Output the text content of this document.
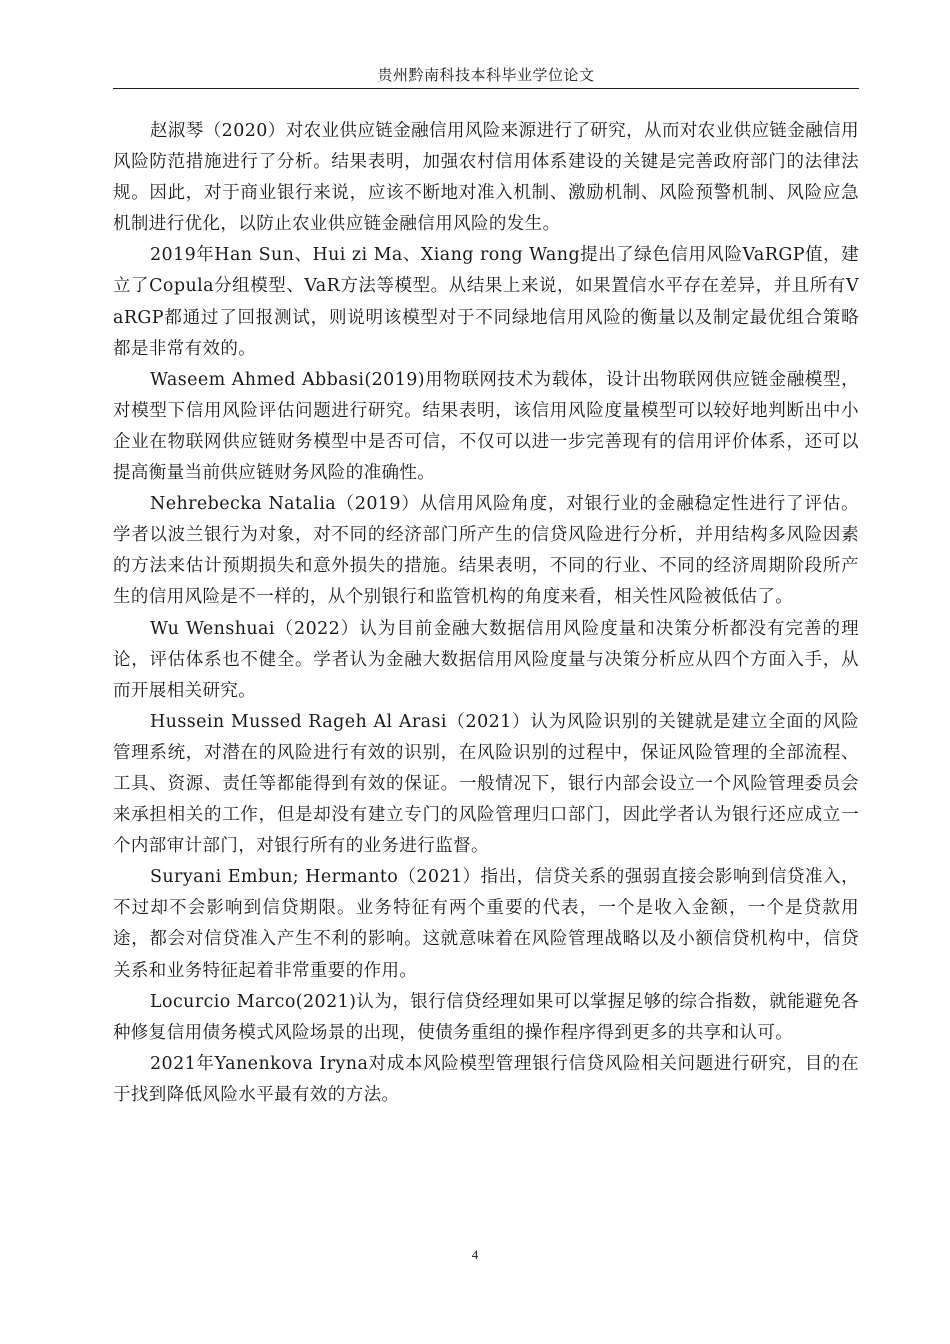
贵州黔南科技本科毕业学位论文

赵淑琴（2020）对农业供应链金融信用风险来源进行了研究，从而对农业供应链金融信用风险防范措施进行了分析。结果表明，加强农村信用体系建设的关键是完善政府部门的法律法规。因此，对于商业银行来说，应该不断地对准入机制、激励机制、风险预警机制、风险应急机制进行优化，以防止农业供应链金融信用风险的发生。

2019年Han Sun、Hui zi Ma、Xiang rong Wang提出了绿色信用风险VaRGP值，建立了Copula分组模型、VaR方法等模型。从结果上来说，如果置信水平存在差异，并且所有VaRGP都通过了回报测试，则说明该模型对于不同绿地信用风险的衡量以及制定最优组合策略都是非常有效的。

Waseem Ahmed Abbasi(2019)用物联网技术为载体，设计出物联网供应链金融模型，对模型下信用风险评估问题进行研究。结果表明，该信用风险度量模型可以较好地判断出中小企业在物联网供应链财务模型中是否可信，不仅可以进一步完善现有的信用评价体系，还可以提高衡量当前供应链财务风险的准确性。

Nehrebecka Natalia（2019）从信用风险角度，对银行业的金融稳定性进行了评估。学者以波兰银行为对象，对不同的经济部门所产生的信贷风险进行分析，并用结构多风险因素的方法来估计预期损失和意外损失的措施。结果表明，不同的行业、不同的经济周期阶段所产生的信用风险是不一样的，从个别银行和监管机构的角度来看，相关性风险被低估了。

Wu Wenshuai（2022）认为目前金融大数据信用风险度量和决策分析都没有完善的理论，评估体系也不健全。学者认为金融大数据信用风险度量与决策分析应从四个方面入手，从而开展相关研究。

Hussein Mussed Rageh Al Arasi（2021）认为风险识别的关键就是建立全面的风险管理系统，对潜在的风险进行有效的识别，在风险识别的过程中，保证风险管理的全部流程、工具、资源、责任等都能得到有效的保证。一般情况下，银行内部会设立一个风险管理委员会来承担相关的工作，但是却没有建立专门的风险管理归口部门，因此学者认为银行还应成立一个内部审计部门，对银行所有的业务进行监督。

Suryani Embun; Hermanto（2021）指出，信贷关系的强弱直接会影响到信贷准入，不过却不会影响到信贷期限。业务特征有两个重要的代表，一个是收入金额，一个是贷款用途，都会对信贷准入产生不利的影响。这就意味着在风险管理战略以及小额信贷机构中，信贷关系和业务特征起着非常重要的作用。

Locurcio Marco(2021)认为，银行信贷经理如果可以掌握足够的综合指数，就能避免各种修复信用债务模式风险场景的出现，使债务重组的操作程序得到更多的共享和认可。

2021年Yanenkova Iryna对成本风险模型管理银行信贷风险相关问题进行研究，目的在于找到降低风险水平最有效的方法。

4
